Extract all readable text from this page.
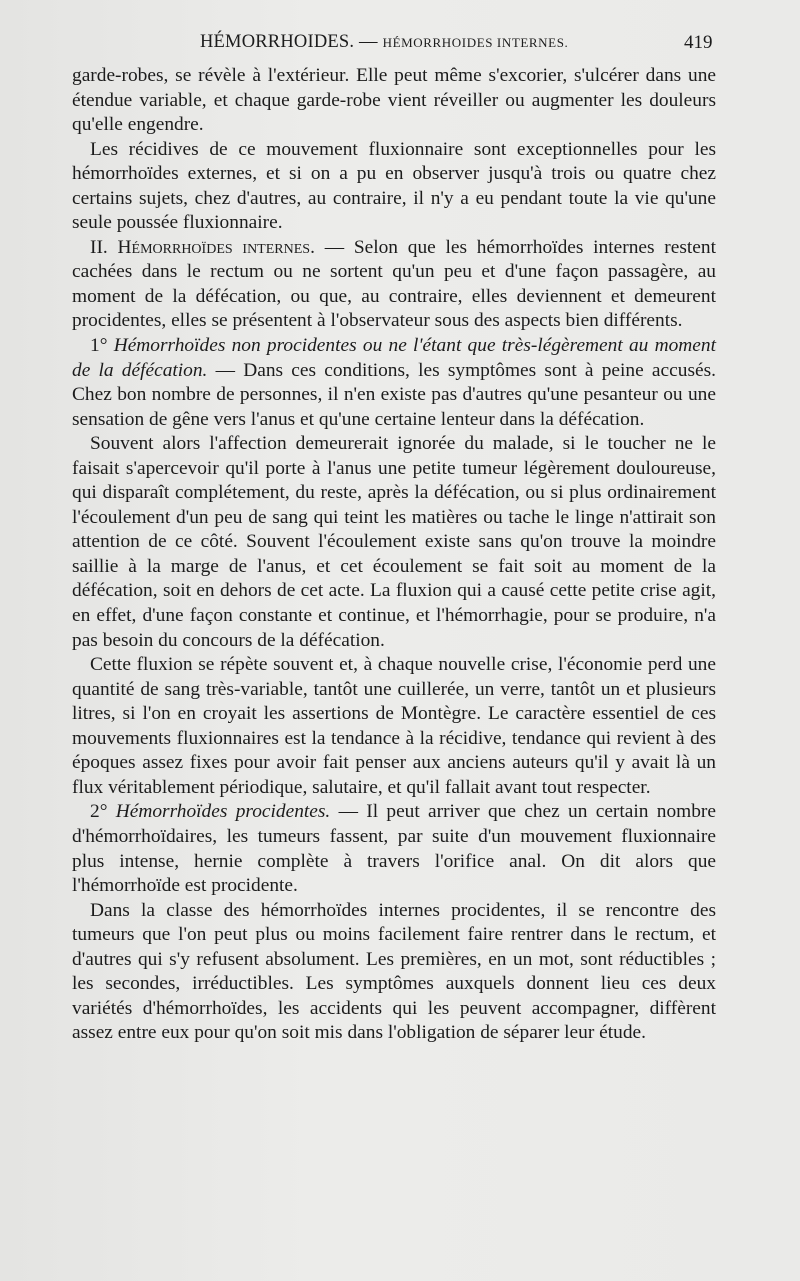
HÉMORRHOIDES. — HÉMORRHOIDES INTERNES.	419

garde-robes, se révèle à l'extérieur. Elle peut même s'excorier, s'ulcérer dans une étendue variable, et chaque garde-robe vient réveiller ou augmenter les douleurs qu'elle engendre.

Les récidives de ce mouvement fluxionnaire sont exceptionnelles pour les hémorrhoïdes externes, et si on a pu en observer jusqu'à trois ou quatre chez certains sujets, chez d'autres, au contraire, il n'y a eu pendant toute la vie qu'une seule poussée fluxionnaire.

II. Hémorrhoïdes internes. — Selon que les hémorrhoïdes internes restent cachées dans le rectum ou ne sortent qu'un peu et d'une façon passagère, au moment de la défécation, ou que, au contraire, elles deviennent et demeurent procidentes, elles se présentent à l'observateur sous des aspects bien différents.

1° Hémorrhoïdes non procidentes ou ne l'étant que très-légèrement au moment de la défécation. — Dans ces conditions, les symptômes sont à peine accusés. Chez bon nombre de personnes, il n'en existe pas d'autres qu'une pesanteur ou une sensation de gêne vers l'anus et qu'une certaine lenteur dans la défécation.

Souvent alors l'affection demeurerait ignorée du malade, si le toucher ne le faisait s'apercevoir qu'il porte à l'anus une petite tumeur légèrement douloureuse, qui disparaît complétement, du reste, après la défécation, ou si plus ordinairement l'écoulement d'un peu de sang qui teint les matières ou tache le linge n'attirait son attention de ce côté. Souvent l'écoulement existe sans qu'on trouve la moindre saillie à la marge de l'anus, et cet écoulement se fait soit au moment de la défécation, soit en dehors de cet acte. La fluxion qui a causé cette petite crise agit, en effet, d'une façon constante et continue, et l'hémorrhagie, pour se produire, n'a pas besoin du concours de la défécation.

Cette fluxion se répète souvent et, à chaque nouvelle crise, l'économie perd une quantité de sang très-variable, tantôt une cuillerée, un verre, tantôt un et plusieurs litres, si l'on en croyait les assertions de Montègre. Le caractère essentiel de ces mouvements fluxionnaires est la tendance à la récidive, tendance qui revient à des époques assez fixes pour avoir fait penser aux anciens auteurs qu'il y avait là un flux véritablement périodique, salutaire, et qu'il fallait avant tout respecter.

2° Hémorrhoïdes procidentes. — Il peut arriver que chez un certain nombre d'hémorrhoïdaires, les tumeurs fassent, par suite d'un mouvement fluxionnaire plus intense, hernie complète à travers l'orifice anal. On dit alors que l'hémorrhoïde est procidente.

Dans la classe des hémorrhoïdes internes procidentes, il se rencontre des tumeurs que l'on peut plus ou moins facilement faire rentrer dans le rectum, et d'autres qui s'y refusent absolument. Les premières, en un mot, sont réductibles ; les secondes, irréductibles. Les symptômes auxquels donnent lieu ces deux variétés d'hémorrhoïdes, les accidents qui les peuvent accompagner, diffèrent assez entre eux pour qu'on soit mis dans l'obligation de séparer leur étude.
